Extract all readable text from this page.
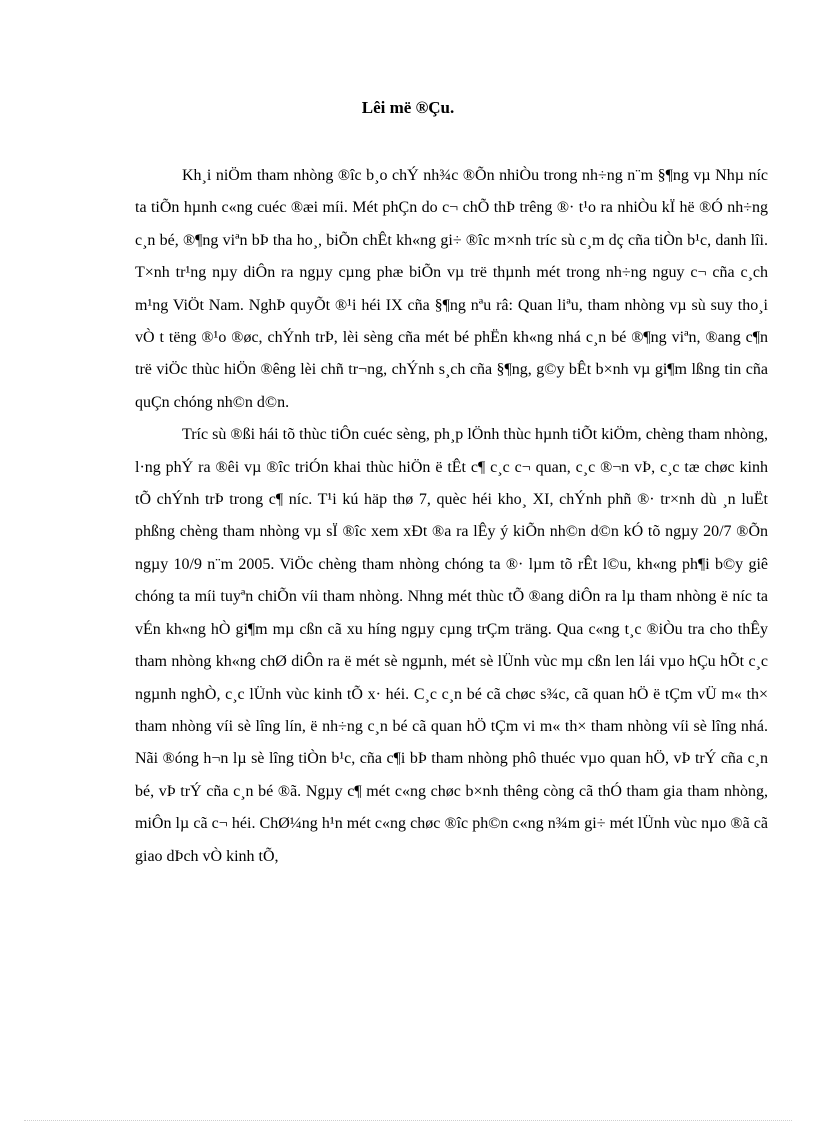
Lêi më ®Çu.

Kh¸i niÖm tham nhòng ®îc b¸o chÝ nh¾c ®Õn nhiÒu trong nh÷ng n¨m §¶ng vµ Nhµ níc ta tiÕn hµnh c«ng cuéc ®æi míi. Mét phÇn do c¬ chÕ thÞ trêng ®· t¹o ra nhiÒu kÏ hë ®Ó nh÷ng c¸n bé, ®¶ng viªn bÞ tha ho¸, biÕn chÊt kh«ng gi÷ ®îc m×nh tríc sù c¸m dç cña tiÒn b¹c, danh lîi. T×nh tr¹ng nµy diÔn ra ngµy cµng phæ biÕn vµ trë thµnh mét trong nh÷ng nguy c¬ cña c¸ch m¹ng ViÖt Nam. NghÞ quyÕt ®¹i héi IX cña §¶ng nªu râ: Quan liªu, tham nhòng vµ sù suy tho¸i vÒ t tëng ®¹o ®øc, chÝnh trÞ, lèi sèng cña mét bé phËn kh«ng nhá c¸n bé ®¶ng viªn, ®ang c¶n trë viÖc thùc hiÖn ®êng lèi chñ tr¬ng, chÝnh s¸ch cña §¶ng, g©y bÊt b×nh vµ gi¶m lßng tin cña quÇn chóng nh©n d©n.

Tríc sù ®ßi hái tõ thùc tiÔn cuéc sèng, ph¸p lÖnh thùc hµnh tiÕt kiÖm, chèng tham nhòng, l·ng phÝ ra ®êi vµ ®îc triÓn khai thùc hiÖn ë tÊt c¶ c¸c c¬ quan, c¸c ®¬n vÞ, c¸c tæ chøc kinh tÕ chÝnh trÞ trong c¶ níc. T¹i kú häp thø 7, quèc héi kho¸ XI, chÝnh phñ ®· tr×nh dù ¸n luËt phßng chèng tham nhòng vµ sÏ ®îc xem xÐt ®a ra lÊy ý kiÕn nh©n d©n kÓ tõ ngµy 20/7 ®Õn ngµy 10/9 n¨m 2005. ViÖc chèng tham nhòng chóng ta ®· lµm tõ rÊt l©u, kh«ng ph¶i b©y giê chóng ta míi tuyªn chiÕn víi tham nhòng. Nhng mét thùc tÕ ®ang diÔn ra lµ tham nhòng ë níc ta vÉn kh«ng hÒ gi¶m mµ cßn cã xu híng ngµy cµng trÇm träng. Qua c«ng t¸c ®iÒu tra cho thÊy tham nhòng kh«ng chØ diÔn ra ë mét sè ngµnh, mét sè lÜnh vùc mµ cßn len lái vµo hÇu hÕt c¸c ngµnh nghÒ, c¸c lÜnh vùc kinh tÕ x· héi. C¸c c¸n bé cã chøc s¾c, cã quan hÖ ë tÇm vÜ m« th× tham nhòng víi sè lîng lín, ë nh÷ng c¸n bé cã quan hÖ tÇm vi m« th× tham nhòng víi sè lîng nhá. Nãi ®óng h¬n lµ sè lîng tiÒn b¹c, cña c¶i bÞ tham nhòng phô thuéc vµo quan hÖ, vÞ trÝ cña c¸n bé, vÞ trÝ cña c¸n bé ®ã. Ngµy c¶ mét c«ng chøc b×nh thêng còng cã thÓ tham gia tham nhòng, miÔn lµ cã c¬ héi. ChØ¼ng h¹n mét c«ng chøc ®îc ph©n c«ng n¾m gi÷ mét lÜnh vùc nµo ®ã cã giao dÞch vÒ kinh tÕ,
